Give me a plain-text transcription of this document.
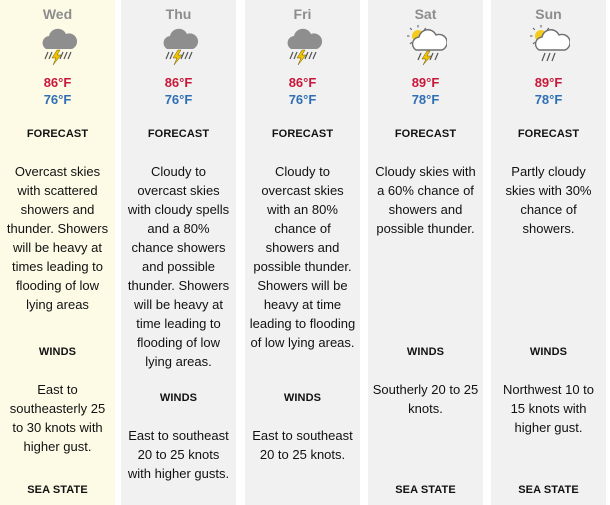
Wed
86°F
76°F
FORECAST
Overcast skies with scattered showers and thunder. Showers will be heavy at times leading to flooding of low lying areas
WINDS
East to southeasterly 25 to 30 knots with higher gust.
SEA STATE
Thu
86°F
76°F
FORECAST
Cloudy to overcast skies with cloudy spells and a 80% chance showers and possible thunder. Showers will be heavy at time leading to flooding of low lying areas.
WINDS
East to southeast 20 to 25 knots with higher gusts.
Fri
86°F
76°F
FORECAST
Cloudy to overcast skies with an 80% chance of showers and possible thunder. Showers will be heavy at time leading to flooding of low lying areas.
WINDS
East to southeast 20 to 25 knots.
Sat
89°F
78°F
FORECAST
Cloudy skies with a 60% chance of showers and possible thunder.
WINDS
Southerly 20 to 25 knots.
SEA STATE
Sun
89°F
78°F
FORECAST
Partly cloudy skies with 30% chance of showers.
WINDS
Northwest 10 to 15 knots with higher gust.
SEA STATE
